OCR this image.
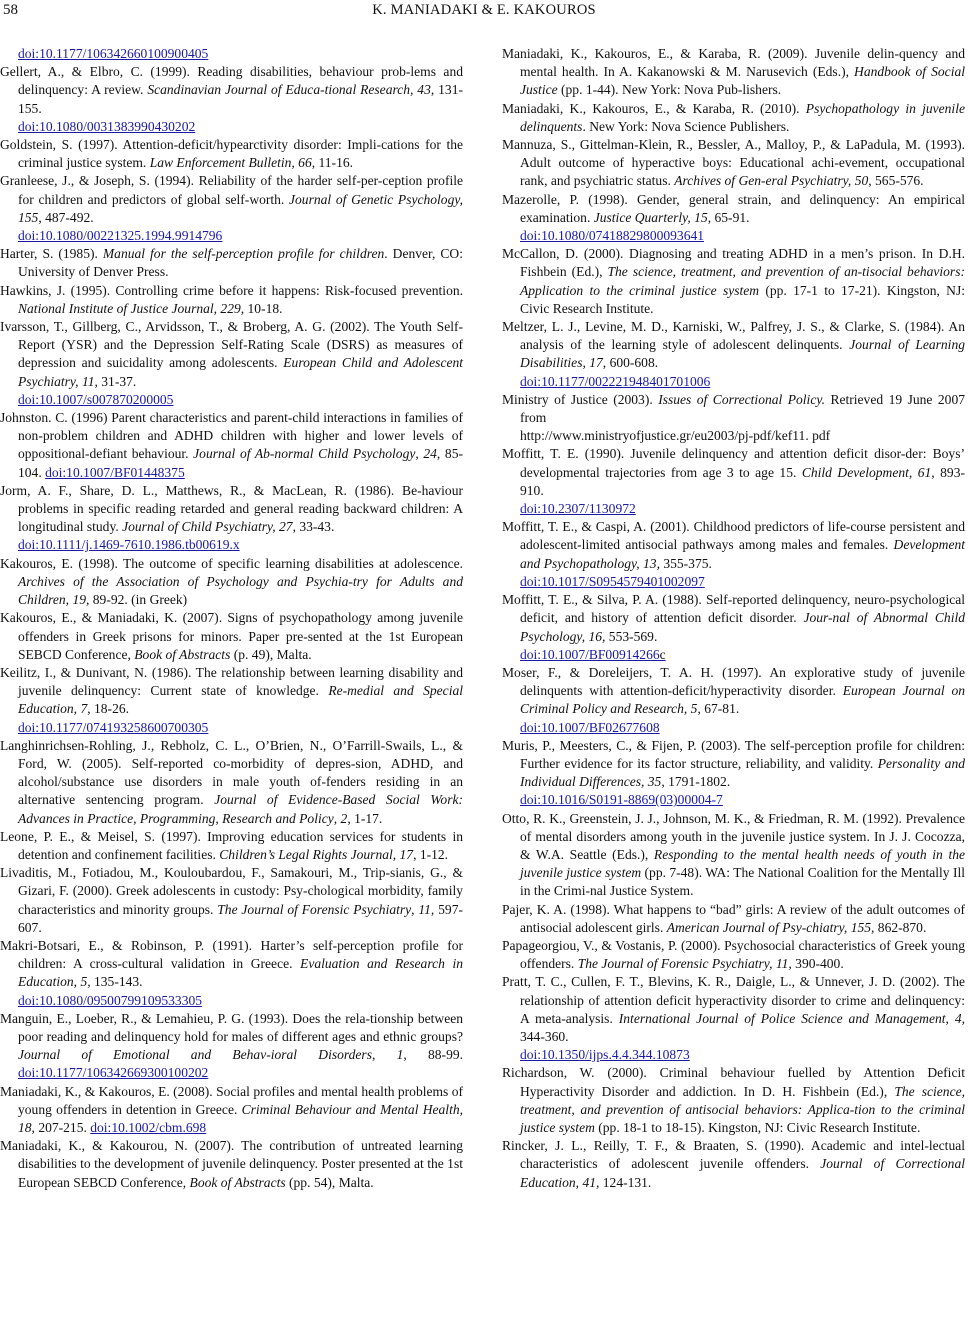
58	K. MANIADAKI & E. KAKOUROS

doi:10.1177/106342660100900405

Gellert, A., & Elbro, C. (1999). Reading disabilities, behaviour prob-lems and delinquency: A review. Scandinavian Journal of Educa-tional Research, 43, 131-155.

doi:10.1080/0031383990430202

Goldstein, S. (1997). Attention-deficit/hypearctivity disorder: Impli-cations for the criminal justice system. Law Enforcement Bulletin, 66, 11-16.

Granleese, J., & Joseph, S. (1994). Reliability of the harder self-per-ception profile for children and predictors of global self-worth. Journal of Genetic Psychology, 155, 487-492.

doi:10.1080/00221325.1994.9914796

Harter, S. (1985). Manual for the self-perception profile for children. Denver, CO: University of Denver Press.

Hawkins, J. (1995). Controlling crime before it happens: Risk-focused prevention. National Institute of Justice Journal, 229, 10-18.

Ivarsson, T., Gillberg, C., Arvidsson, T., & Broberg, A. G. (2002). The Youth Self-Report (YSR) and the Depression Self-Rating Scale (DSRS) as measures of depression and suicidality among adolescents. European Child and Adolescent Psychiatry, 11, 31-37.

doi:10.1007/s007870200005

Johnston. C. (1996) Parent characteristics and parent-child interactions in families of non-problem children and ADHD children with higher and lower levels of oppositional-defiant behaviour. Journal of Ab-normal Child Psychology, 24, 85-104. doi:10.1007/BF01448375

Jorm, A. F., Share, D. L., Matthews, R., & MacLean, R. (1986). Be-haviour problems in specific reading retarded and general reading backward children: A longitudinal study. Journal of Child Psychiatry, 27, 33-43.

doi:10.1111/j.1469-7610.1986.tb00619.x

Kakouros, E. (1998). The outcome of specific learning disabilities at adolescence. Archives of the Association of Psychology and Psychia-try for Adults and Children, 19, 89-92. (in Greek)

Kakouros, E., & Maniadaki, K. (2007). Signs of psychopathology among juvenile offenders in Greek prisons for minors. Paper pre-sented at the 1st European SEBCD Conference, Book of Abstracts (p. 49), Malta.

Keilitz, I., & Dunivant, N. (1986). The relationship between learning disability and juvenile delinquency: Current state of knowledge. Re-medial and Special Education, 7, 18-26.

doi:10.1177/074193258600700305

Langhinrichsen-Rohling, J., Rebholz, C. L., O’Brien, N., O’Farrill-Swails, L., & Ford, W. (2005). Self-reported co-morbidity of depres-sion, ADHD, and alcohol/substance use disorders in male youth of-fenders residing in an alternative sentencing program. Journal of Evidence-Based Social Work: Advances in Practice, Programming, Research and Policy, 2, 1-17.

Leone, P. E., & Meisel, S. (1997). Improving education services for students in detention and confinement facilities. Children’s Legal Rights Journal, 17, 1-12.

Livaditis, M., Fotiadou, M., Kouloubardou, F., Samakouri, M., Trip-sianis, G., & Gizari, F. (2000). Greek adolescents in custody: Psy-chological morbidity, family characteristics and minority groups. The Journal of Forensic Psychiatry, 11, 597-607.

Makri-Botsari, E., & Robinson, P. (1991). Harter’s self-perception profile for children: A cross-cultural validation in Greece. Evaluation and Research in Education, 5, 135-143.

doi:10.1080/09500799109533305

Manguin, E., Loeber, R., & Lemahieu, P. G. (1993). Does the rela-tionship between poor reading and delinquency hold for males of different ages and ethnic groups? Journal of Emotional and Behav-ioral Disorders, 1, 88-99. doi:10.1177/106342669300100202

Maniadaki, K., & Kakouros, E. (2008). Social profiles and mental health problems of young offenders in detention in Greece. Criminal Behaviour and Mental Health, 18, 207-215. doi:10.1002/cbm.698

Maniadaki, K., & Kakourou, N. (2007). The contribution of untreated learning disabilities to the development of juvenile delinquency. Poster presented at the 1st European SEBCD Conference, Book of Abstracts (pp. 54), Malta.

Maniadaki, K., Kakouros, E., & Karaba, R. (2009). Juvenile delin-quency and mental health. In A. Kakanowski & M. Narusevich (Eds.), Handbook of Social Justice (pp. 1-44). New York: Nova Pub-lishers.

Maniadaki, K., Kakouros, E., & Karaba, R. (2010). Psychopathology in juvenile delinquents. New York: Nova Science Publishers.

Mannuza, S., Gittelman-Klein, R., Bessler, A., Malloy, P., & LaPadula, M. (1993). Adult outcome of hyperactive boys: Educational achi-evement, occupational rank, and psychiatric status. Archives of Gen-eral Psychiatry, 50, 565-576.

Mazerolle, P. (1998). Gender, general strain, and delinquency: An empirical examination. Justice Quarterly, 15, 65-91.

doi:10.1080/07418829800093641

McCallon, D. (2000). Diagnosing and treating ADHD in a men’s prison. In D.H. Fishbein (Ed.), The science, treatment, and prevention of an-tisocial behaviors: Application to the criminal justice system (pp. 17-1 to 17-21). Kingston, NJ: Civic Research Institute.

Meltzer, L. J., Levine, M. D., Karniski, W., Palfrey, J. S., & Clarke, S. (1984). An analysis of the learning style of adolescent delinquents. Journal of Learning Disabilities, 17, 600-608.

doi:10.1177/002221948401701006

Ministry of Justice (2003). Issues of Correctional Policy. Retrieved 19 June 2007 from

http://www.ministryofjustice.gr/eu2003/pj-pdf/kef11. pdf

Moffitt, T. E. (1990). Juvenile delinquency and attention deficit disor-der: Boys’ developmental trajectories from age 3 to age 15. Child Development, 61, 893-910.

doi:10.2307/1130972

Moffitt, T. E., & Caspi, A. (2001). Childhood predictors of life-course persistent and adolescent-limited antisocial pathways among males and females. Development and Psychopathology, 13, 355-375.

doi:10.1017/S0954579401002097

Moffitt, T. E., & Silva, P. A. (1988). Self-reported delinquency, neuro-psychological deficit, and history of attention deficit disorder. Jour-nal of Abnormal Child Psychology, 16, 553-569.

doi:10.1007/BF00914266c

Moser, F., & Doreleijers, T. A. H. (1997). An explorative study of juvenile delinquents with attention-deficit/hyperactivity disorder. European Journal on Criminal Policy and Research, 5, 67-81.

doi:10.1007/BF02677608

Muris, P., Meesters, C., & Fijen, P. (2003). The self-perception profile for children: Further evidence for its factor structure, reliability, and validity. Personality and Individual Differences, 35, 1791-1802.

doi:10.1016/S0191-8869(03)00004-7

Otto, R. K., Greenstein, J. J., Johnson, M. K., & Friedman, R. M. (1992). Prevalence of mental disorders among youth in the juvenile justice system. In J. J. Cocozza, & W.A. Seattle (Eds.), Responding to the mental health needs of youth in the juvenile justice system (pp. 7-48). WA: The National Coalition for the Mentally Ill in the Crimi-nal Justice System.

Pajer, K. A. (1998). What happens to “bad” girls: A review of the adult outcomes of antisocial adolescent girls. American Journal of Psy-chiatry, 155, 862-870.

Papageorgiou, V., & Vostanis, P. (2000). Psychosocial characteristics of Greek young offenders. The Journal of Forensic Psychiatry, 11, 390-400.

Pratt, T. C., Cullen, F. T., Blevins, K. R., Daigle, L., & Unnever, J. D. (2002). The relationship of attention deficit hyperactivity disorder to crime and delinquency: A meta-analysis. International Journal of Police Science and Management, 4, 344-360.

doi:10.1350/ijps.4.4.344.10873

Richardson, W. (2000). Criminal behaviour fuelled by Attention Deficit Hyperactivity Disorder and addiction. In D. H. Fishbein (Ed.), The science, treatment, and prevention of antisocial behaviors: Applica-tion to the criminal justice system (pp. 18-1 to 18-15). Kingston, NJ: Civic Research Institute.

Rincker, J. L., Reilly, T. F., & Braaten, S. (1990). Academic and intel-lectual characteristics of adolescent juvenile offenders. Journal of Correctional Education, 41, 124-131.
